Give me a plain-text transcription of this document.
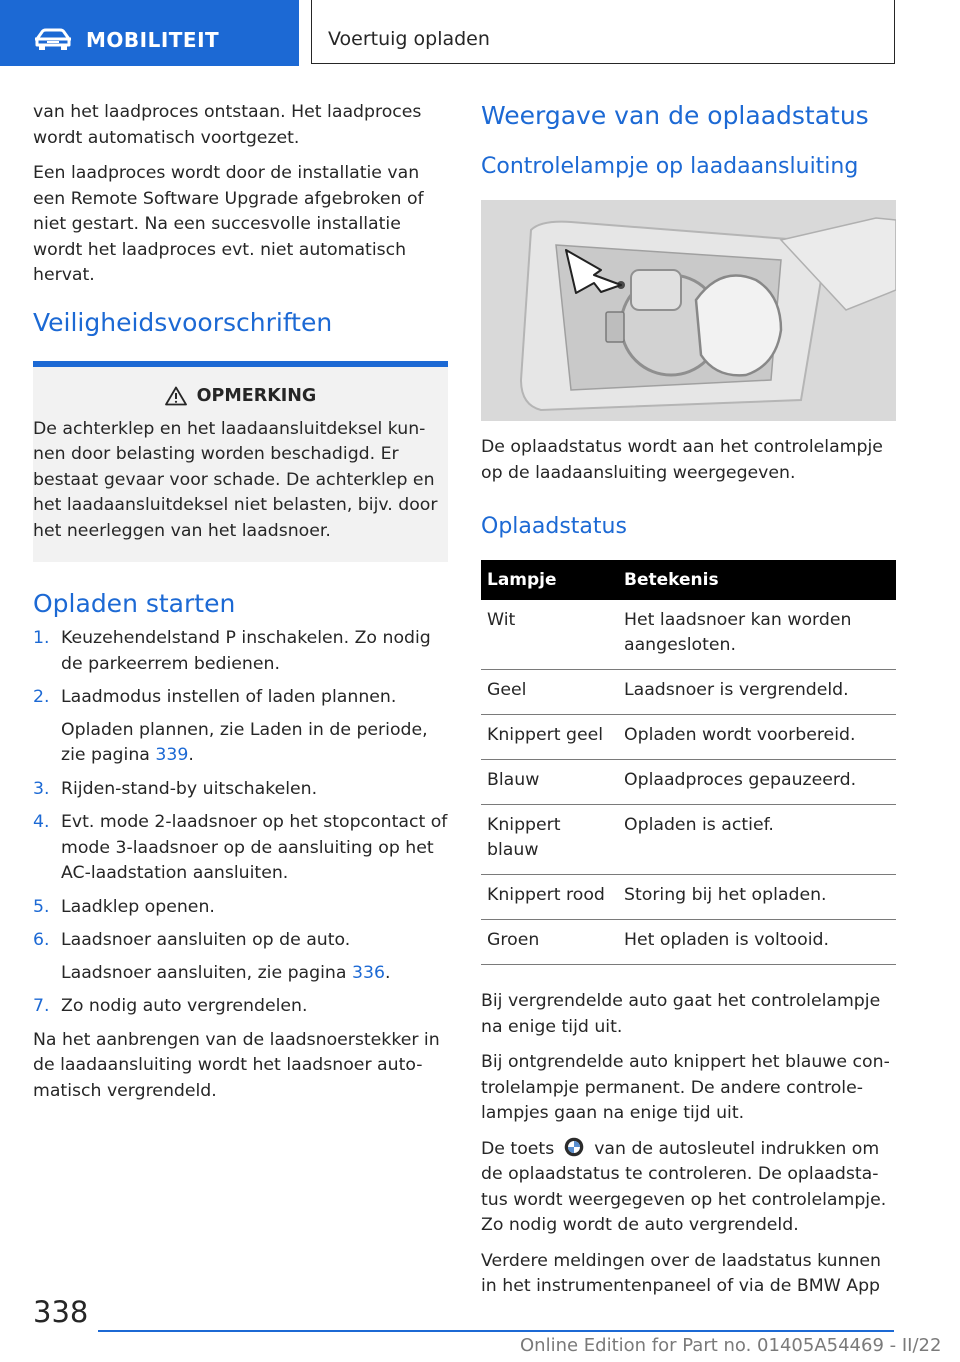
MOBILITEIT	Voertuig opladen

van het laadproces ontstaan. Het laadproces wordt automatisch voortgezet.

Een laadproces wordt door de installatie van een Remote Software Upgrade afgebroken of niet gestart. Na een succesvolle installatie wordt het laadproces evt. niet automatisch hervat.

Veiligheidsvoorschriften
OPMERKING

De achterklep en het laadaansluitdeksel kun-nen door belasting worden beschadigd. Er bestaat gevaar voor schade. De achterklep en het laadaansluitdeksel niet belasten, bijv. door het neerleggen van het laadsnoer.

Opladen starten
1. Keuzehendelstand P inschakelen. Zo nodig de parkeerrem bedienen.
2. Laadmodus instellen of laden plannen.
Opladen plannen, zie Laden in de periode, zie pagina 339.
3. Rijden-stand-by uitschakelen.
4. Evt. mode 2-laadsnoer op het stopcontact of mode 3-laadsnoer op de aansluiting op het AC-laadstation aansluiten.
5. Laadklep openen.
6. Laadsnoer aansluiten op de auto.
Laadsnoer aansluiten, zie pagina 336.
7. Zo nodig auto vergrendelen.

Na het aanbrengen van de laadsnoerstekker in de laadaansluiting wordt het laadsnoer auto-matisch vergrendeld.

Weergave van de oplaadstatus
Controlelampje op laadaansluiting

De oplaadstatus wordt aan het controlelampje op de laadaansluiting weergegeven.

Oplaadstatus
Lampje	Betekenis
Wit	Het laadsnoer kan worden aangesloten.
Geel	Laadsnoer is vergrendeld.
Knippert geel	Opladen wordt voorbereid.
Blauw	Oplaadproces gepauzeerd.
Knippert blauw	Opladen is actief.
Knippert rood	Storing bij het opladen.
Groen	Het opladen is voltooid.

Bij vergrendelde auto gaat het controlelampje na enige tijd uit.

Bij ontgrendelde auto knippert het blauwe con-trolelampje permanent. De andere controle-lampjes gaan na enige tijd uit.

De toets van de autosleutel indrukken om de oplaadstatus te controleren. De oplaadsta-tus wordt weergegeven op het controlelampje. Zo nodig wordt de auto vergrendeld.

Verdere meldingen over de laadstatus kunnen in het instrumentenpaneel of via de BMW App

338
Online Edition for Part no. 01405A54469 - II/22
